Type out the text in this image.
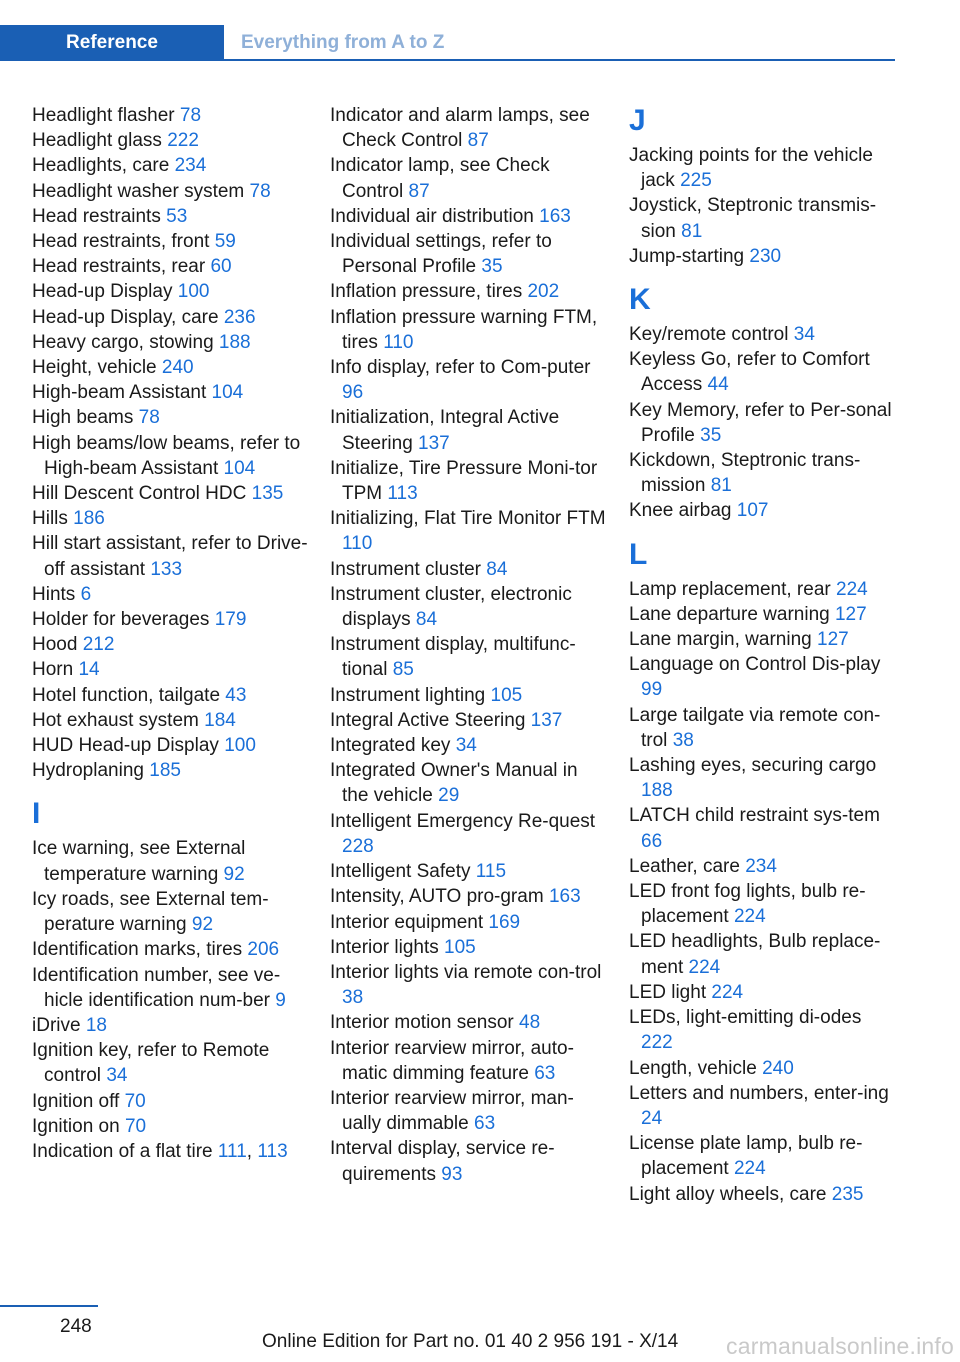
Reference	Everything from A to Z
Headlight flasher 78
Headlight glass 222
Headlights, care 234
Headlight washer system 78
Head restraints 53
Head restraints, front 59
Head restraints, rear 60
Head-up Display 100
Head-up Display, care 236
Heavy cargo, stowing 188
Height, vehicle 240
High-beam Assistant 104
High beams 78
High beams/low beams, refer to High-beam Assistant 104
Hill Descent Control HDC 135
Hills 186
Hill start assistant, refer to Drive-off assistant 133
Hints 6
Holder for beverages 179
Hood 212
Horn 14
Hotel function, tailgate 43
Hot exhaust system 184
HUD Head-up Display 100
Hydroplaning 185
I
Ice warning, see External temperature warning 92
Icy roads, see External tem‐perature warning 92
Identification marks, tires 206
Identification number, see ve‐hicle identification num‐ber 9
iDrive 18
Ignition key, refer to Remote control 34
Ignition off 70
Ignition on 70
Indication of a flat tire 111, 113
Indicator and alarm lamps, see Check Control 87
Indicator lamp, see Check Control 87
Individual air distribution 163
Individual settings, refer to Personal Profile 35
Inflation pressure, tires 202
Inflation pressure warning FTM, tires 110
Info display, refer to Com‐puter 96
Initialization, Integral Active Steering 137
Initialize, Tire Pressure Moni‐tor TPM 113
Initializing, Flat Tire Monitor FTM 110
Instrument cluster 84
Instrument cluster, electronic displays 84
Instrument display, multifunc‐tional 85
Instrument lighting 105
Integral Active Steering 137
Integrated key 34
Integrated Owner's Manual in the vehicle 29
Intelligent Emergency Re‐quest 228
Intelligent Safety 115
Intensity, AUTO pro‐gram 163
Interior equipment 169
Interior lights 105
Interior lights via remote con‐trol 38
Interior motion sensor 48
Interior rearview mirror, auto‐matic dimming feature 63
Interior rearview mirror, man‐ually dimmable 63
Interval display, service re‐quirements 93
J
Jacking points for the vehicle jack 225
Joystick, Steptronic transmis‐sion 81
Jump-starting 230
K
Key/remote control 34
Keyless Go, refer to Comfort Access 44
Key Memory, refer to Per‐sonal Profile 35
Kickdown, Steptronic trans‐mission 81
Knee airbag 107
L
Lamp replacement, rear 224
Lane departure warning 127
Lane margin, warning 127
Language on Control Dis‐play 99
Large tailgate via remote con‐trol 38
Lashing eyes, securing cargo 188
LATCH child restraint sys‐tem 66
Leather, care 234
LED front fog lights, bulb re‐placement 224
LED headlights, Bulb replace‐ment 224
LED light 224
LEDs, light-emitting di‐odes 222
Length, vehicle 240
Letters and numbers, enter‐ing 24
License plate lamp, bulb re‐placement 224
Light alloy wheels, care 235
248
Online Edition for Part no. 01 40 2 956 191 - X/14 carmanualsonline.info
